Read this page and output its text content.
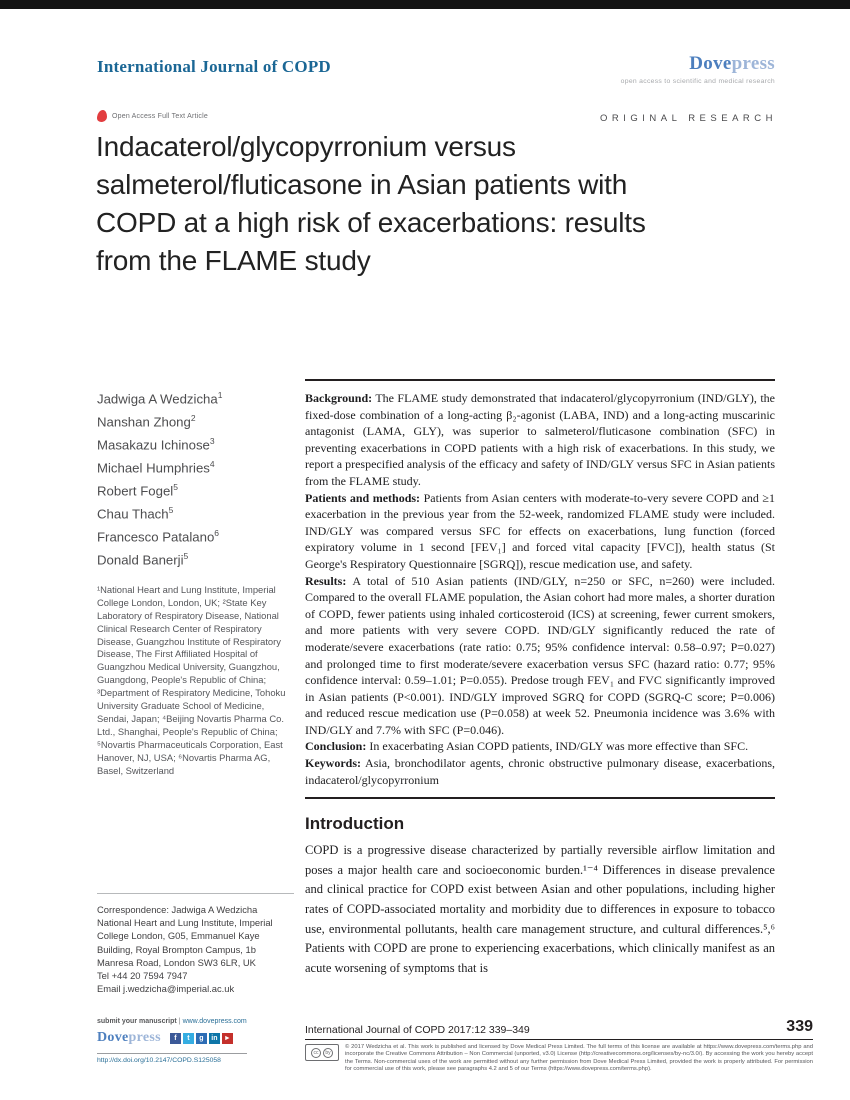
International Journal of COPD	Dovepress
open access to scientific and medical research
Open Access Full Text Article	ORIGINAL RESEARCH
Indacaterol/glycopyrronium versus salmeterol/fluticasone in Asian patients with COPD at a high risk of exacerbations: results from the FLAME study
Jadwiga A Wedzicha$^1$
Nanshan Zhong$^2$
Masakazu Ichinose$^3$
Michael Humphries$^4$
Robert Fogel$^5$
Chau Thach$^5$
Francesco Patalano$^6$
Donald Banerji$^5$
¹National Heart and Lung Institute, Imperial College London, London, UK; ²State Key Laboratory of Respiratory Disease, National Clinical Research Center of Respiratory Disease, Guangzhou Institute of Respiratory Disease, The First Affiliated Hospital of Guangzhou Medical University, Guangzhou, Guangdong, People's Republic of China; ³Department of Respiratory Medicine, Tohoku University Graduate School of Medicine, Sendai, Japan; ⁴Beijing Novartis Pharma Co. Ltd., Shanghai, People's Republic of China; ⁵Novartis Pharmaceuticals Corporation, East Hanover, NJ, USA; ⁶Novartis Pharma AG, Basel, Switzerland
Correspondence: Jadwiga A Wedzicha
National Heart and Lung Institute, Imperial College London, G05, Emmanuel Kaye Building, Royal Brompton Campus, 1b Manresa Road, London SW3 6LR, UK
Tel +44 20 7594 7947
Email j.wedzicha@imperial.ac.uk

Background: The FLAME study demonstrated that indacaterol/glycopyrronium (IND/GLY), the fixed-dose combination of a long-acting β₂-agonist (LABA, IND) and a long-acting muscarinic antagonist (LAMA, GLY), was superior to salmeterol/fluticasone combination (SFC) in preventing exacerbations in COPD patients with a high risk of exacerbations. In this study, we report a prespecified analysis of the efficacy and safety of IND/GLY versus SFC in Asian patients from the FLAME study.

Patients and methods: Patients from Asian centers with moderate-to-very severe COPD and ≥1 exacerbation in the previous year from the 52-week, randomized FLAME study were included. IND/GLY was compared versus SFC for effects on exacerbations, lung function (forced expiratory volume in 1 second [FEV₁] and forced vital capacity [FVC]), health status (St George's Respiratory Questionnaire [SGRQ]), rescue medication use, and safety.

Results: A total of 510 Asian patients (IND/GLY, n=250 or SFC, n=260) were included. Compared to the overall FLAME population, the Asian cohort had more males, a shorter duration of COPD, fewer patients using inhaled corticosteroid (ICS) at screening, fewer current smokers, and more patients with very severe COPD. IND/GLY significantly reduced the rate of moderate/severe exacerbations (rate ratio: 0.75; 95% confidence interval: 0.58–0.97; P=0.027) and prolonged time to first moderate/severe exacerbation versus SFC (hazard ratio: 0.77; 95% confidence interval: 0.59–1.01; P=0.055). Predose trough FEV₁ and FVC significantly improved in Asian patients (P<0.001). IND/GLY improved SGRQ for COPD (SGRQ-C score; P=0.006) and reduced rescue medication use (P=0.058) at week 52. Pneumonia incidence was 3.6% with IND/GLY and 7.7% with SFC (P=0.046).

Conclusion: In exacerbating Asian COPD patients, IND/GLY was more effective than SFC.

Keywords: Asia, bronchodilator agents, chronic obstructive pulmonary disease, exacerbations, indacaterol/glycopyrronium

Introduction

COPD is a progressive disease characterized by partially reversible airflow limitation and poses a major health care and socioeconomic burden.¹⁻⁴ Differences in disease prevalence and clinical practice for COPD exist between Asian and other populations, including higher rates of COPD-associated mortality and morbidity due to differences in exposure to tobacco use, environmental pollutants, health care management structure, and cultural differences.⁵,⁶ Patients with COPD are prone to experiencing exacerbations, which clinically manifest as an acute worsening of symptoms that is

submit your manuscript | www.dovepress.com
Dovepress	f	t	g	in ►
http://dx.doi.org/10.2147/COPD.S125058
International Journal of COPD 2017:12 339–349	339
cc	by
© 2017 Wedzicha et al. This work is published and licensed by Dove Medical Press Limited. The full terms of this license are available at https://www.dovepress.com/terms.php and incorporate the Creative Commons Attribution – Non Commercial (unported, v3.0) License (http://creativecommons.org/licenses/by-nc/3.0/). By accessing the work you hereby accept the Terms. Non-commercial uses of the work are permitted without any further permission from Dove Medical Press Limited, provided the work is properly attributed. For permission for commercial use of this work, please see paragraphs 4.2 and 5 of our Terms (https://www.dovepress.com/terms.php).
